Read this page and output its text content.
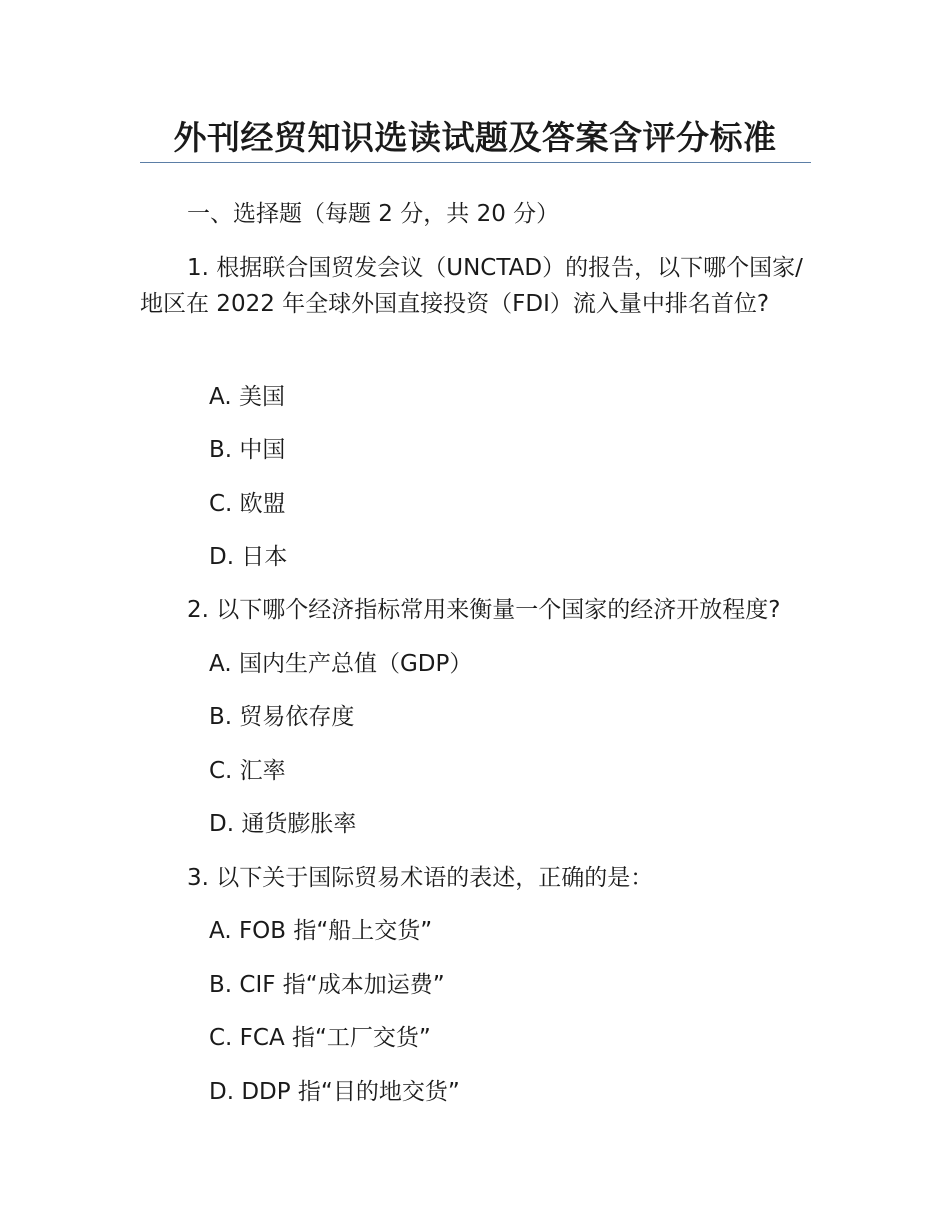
外刊经贸知识选读试题及答案含评分标准
一、选择题（每题 2 分，共 20 分）
1. 根据联合国贸发会议（UNCTAD）的报告，以下哪个国家/地区在 2022 年全球外国直接投资（FDI）流入量中排名首位?
A. 美国
B. 中国
C. 欧盟
D. 日本
2. 以下哪个经济指标常用来衡量一个国家的经济开放程度?
A. 国内生产总值（GDP）
B. 贸易依存度
C. 汇率
D. 通货膨胀率
3. 以下关于国际贸易术语的表述，正确的是：
A. FOB 指“船上交货”
B. CIF 指“成本加运费”
C. FCA 指“工厂交货”
D. DDP 指“目的地交货”
